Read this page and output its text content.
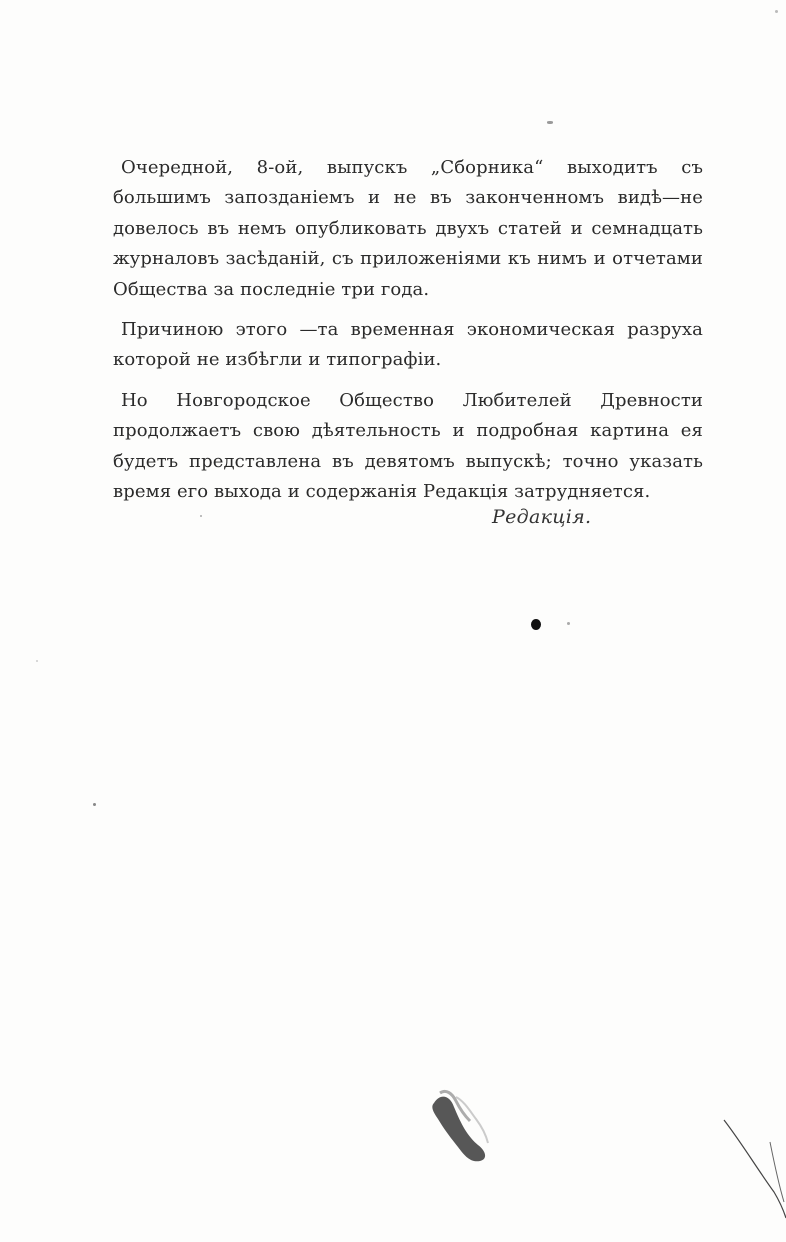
Очередной, 8-ой, выпускъ „Сборника“ выходитъ съ большимъ запозданіемъ и не въ законченномъ видѣ—не довелось въ немъ опубликовать двухъ статей и семнадцать журналовъ засѣданій, съ приложеніями къ нимъ и отчетами Общества за последніе три года.

Причиною этого —та временная экономическая разруха которой не избѣгли и типографіи.

Но Новгородское Общество Любителей Древности продолжаетъ свою дѣятельность и подробная картина ея будетъ представлена въ девятомъ выпускѣ; точно указать время его выхода и содержанія Редакція затрудняется.

Редакція.
